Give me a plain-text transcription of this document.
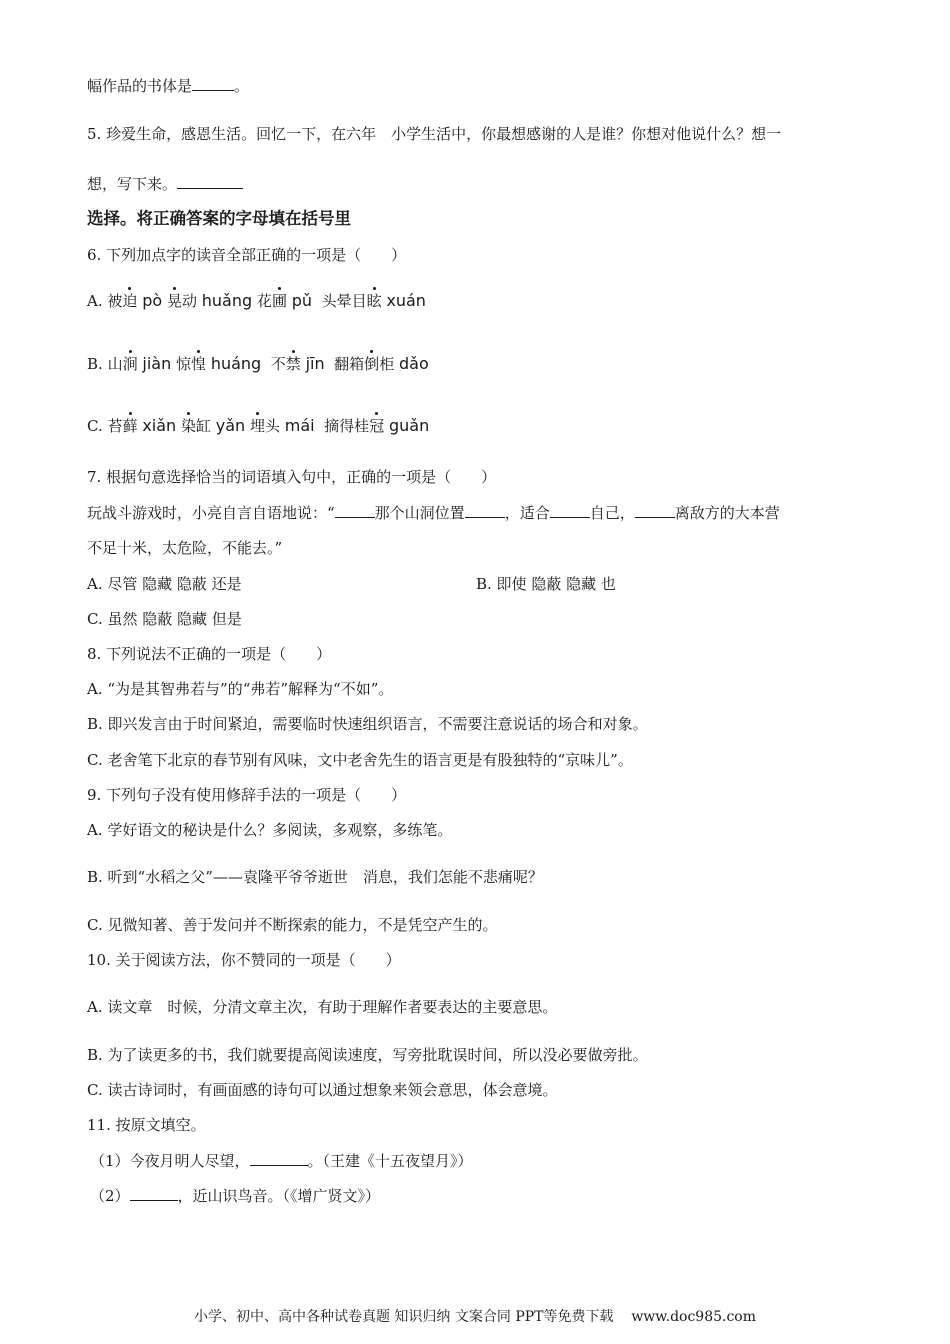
幅作品的书体是	。
5. 珍爱生命，感恩生活。回忆一下，在六年 小学生活中，你最想感谢的人是谁？你想对他说什么？想一
想，写下来。
选择。将正确答案的字母填在括号里
6. 下列加点字的读音全部正确的一项是（　　）
A. 被迫 pò 晃动 huǎng 花圃 pǔ 头晕目眩 xuán
B. 山涧 jiàn 惊惶 huáng 不禁 jīn 翻箱倒柜 dǎo
C. 苔藓 xiǎn 染缸 yǎn 埋头 mái 摘得桂冠 guǎn
7. 根据句意选择恰当的词语填入句中，正确的一项是（　　）
玩战斗游戏时，小亮自言自语地说：“	那个山洞位置	，适合	自己，	离敌方的大本营
不足十米，太危险，不能去。”
A. 尽管 隐藏 隐蔽 还是	B. 即使 隐蔽 隐藏 也
C. 虽然 隐蔽 隐藏 但是
8. 下列说法不正确的一项是（　　）
A. “为是其智弗若与”的“弗若”解释为“不如”。
B. 即兴发言由于时间紧迫，需要临时快速组织语言，不需要注意说话的场合和对象。
C. 老舍笔下北京的春节别有风味，文中老舍先生的语言更是有股独特的“京味儿”。
9. 下列句子没有使用修辞手法的一项是（　　）
A. 学好语文的秘诀是什么？多阅读，多观察，多练笔。
B. 听到“水稻之父”——袁隆平爷爷逝世 消息，我们怎能不悲痛呢？
C. 见微知著、善于发问并不断探索的能力，不是凭空产生的。
10. 关于阅读方法，你不赞同的一项是（　　）
A. 读文章 时候，分清文章主次，有助于理解作者要表达的主要意思。
B. 为了读更多的书，我们就要提高阅读速度，写旁批耽误时间，所以没必要做旁批。
C. 读古诗词时，有画面感的诗句可以通过想象来领会意思，体会意境。
11. 按原文填空。
（1）今夜月明人尽望，	。（王建《十五夜望月》）
（2）	，近山识鸟音。（《增广贤文》）
小学、初中、高中各种试卷真题 知识归纳 文案合同 PPT等免费下载 www.doc985.com
